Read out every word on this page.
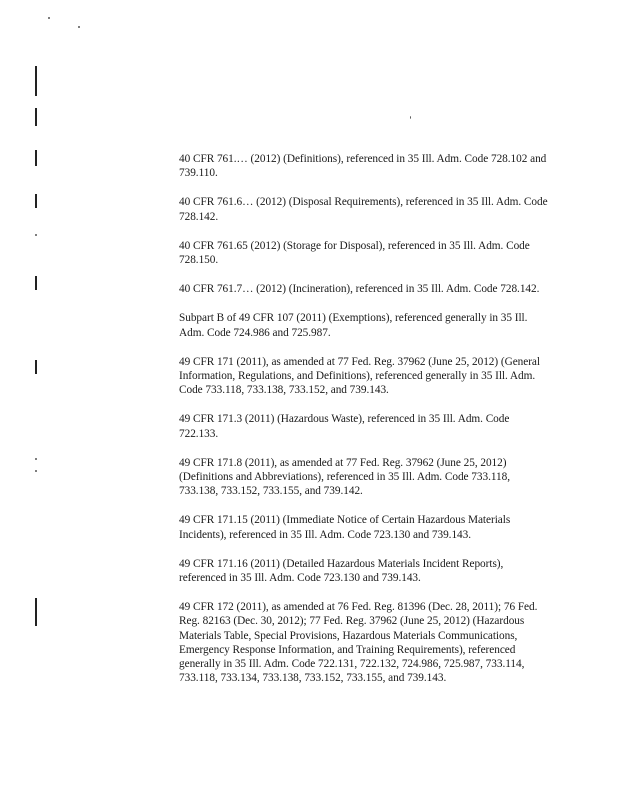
40 CFR 761.… (2012) (Definitions), referenced in 35 Ill. Adm. Code 728.102 and 739.110.

40 CFR 761.6… (2012) (Disposal Requirements), referenced in 35 Ill. Adm. Code 728.142.

40 CFR 761.65 (2012) (Storage for Disposal), referenced in 35 Ill. Adm. Code 728.150.

40 CFR 761.7… (2012) (Incineration), referenced in 35 Ill. Adm. Code 728.142.

Subpart B of 49 CFR 107 (2011) (Exemptions), referenced generally in 35 Ill. Adm. Code 724.986 and 725.987.

49 CFR 171 (2011), as amended at 77 Fed. Reg. 37962 (June 25, 2012) (General Information, Regulations, and Definitions), referenced generally in 35 Ill. Adm. Code 733.118, 733.138, 733.152, and 739.143.

49 CFR 171.3 (2011) (Hazardous Waste), referenced in 35 Ill. Adm. Code 722.133.

49 CFR 171.8 (2011), as amended at 77 Fed. Reg. 37962 (June 25, 2012) (Definitions and Abbreviations), referenced in 35 Ill. Adm. Code 733.118, 733.138, 733.152, 733.155, and 739.142.

49 CFR 171.15 (2011) (Immediate Notice of Certain Hazardous Materials Incidents), referenced in 35 Ill. Adm. Code 723.130 and 739.143.

49 CFR 171.16 (2011) (Detailed Hazardous Materials Incident Reports), referenced in 35 Ill. Adm. Code 723.130 and 739.143.

49 CFR 172 (2011), as amended at 76 Fed. Reg. 81396 (Dec. 28, 2011); 76 Fed. Reg. 82163 (Dec. 30, 2012); 77 Fed. Reg. 37962 (June 25, 2012) (Hazardous Materials Table, Special Provisions, Hazardous Materials Communications, Emergency Response Information, and Training Requirements), referenced generally in 35 Ill. Adm. Code 722.131, 722.132, 724.986, 725.987, 733.114, 733.118, 733.134, 733.138, 733.152, 733.155, and 739.143.
